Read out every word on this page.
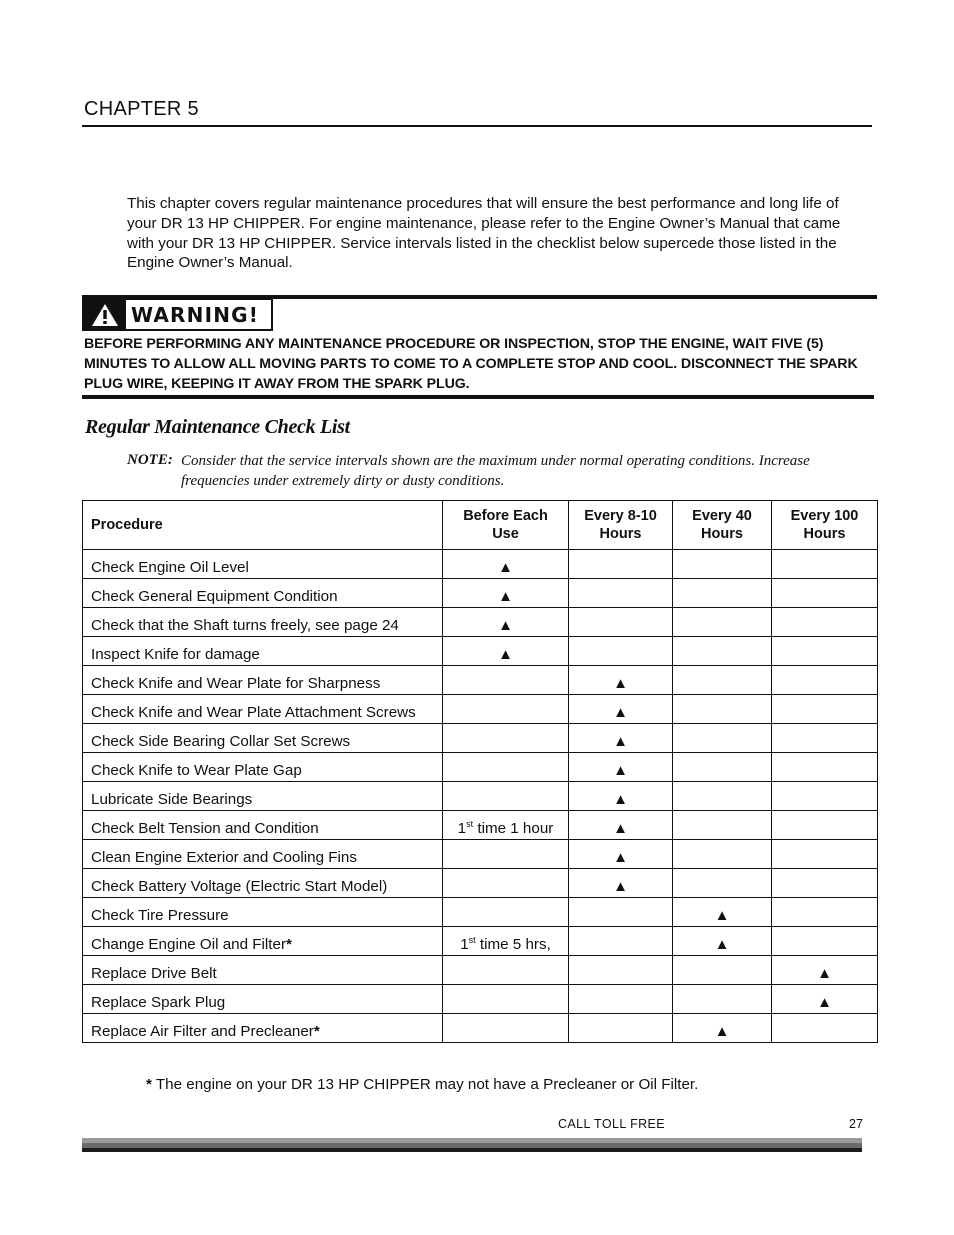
CHAPTER 5

This chapter covers regular maintenance procedures that will ensure the best performance and long life of your DR 13 HP CHIPPER. For engine maintenance, please refer to the Engine Owner’s Manual that came with your DR 13 HP CHIPPER. Service intervals listed in the checklist below supercede those listed in the Engine Owner’s Manual.

WARNING!
BEFORE PERFORMING ANY MAINTENANCE PROCEDURE OR INSPECTION, STOP THE ENGINE, WAIT FIVE (5) MINUTES TO ALLOW ALL MOVING PARTS TO COME TO A COMPLETE STOP AND COOL. DISCONNECT THE SPARK PLUG WIRE, KEEPING IT AWAY FROM THE SPARK PLUG.
Regular Maintenance Check List
NOTE: Consider that the service intervals shown are the maximum under normal operating conditions. Increase frequencies under extremely dirty or dusty conditions.
Procedure	Before Each Use	Every 8-10 Hours	Every 40 Hours	Every 100 Hours
Check Engine Oil Level	▲			
Check General Equipment Condition	▲			
Check that the Shaft turns freely, see page 24	▲			
Inspect Knife for damage	▲			
Check Knife and Wear Plate for Sharpness		▲		
Check Knife and Wear Plate Attachment Screws		▲		
Check Side Bearing Collar Set Screws		▲		
Check Knife to Wear Plate Gap		▲		
Lubricate Side Bearings		▲		
Check Belt Tension and Condition	1st time 1 hour	▲		
Clean Engine Exterior and Cooling Fins		▲		
Check Battery Voltage (Electric Start Model)		▲		
Check Tire Pressure			▲	
Change Engine Oil and Filter*	1st time 5 hrs,		▲	
Replace Drive Belt				▲
Replace Spark Plug				▲
Replace Air Filter and Precleaner*			▲	
* The engine on your DR 13 HP CHIPPER may not have a Precleaner or Oil Filter.
CALL TOLL FREE	27
